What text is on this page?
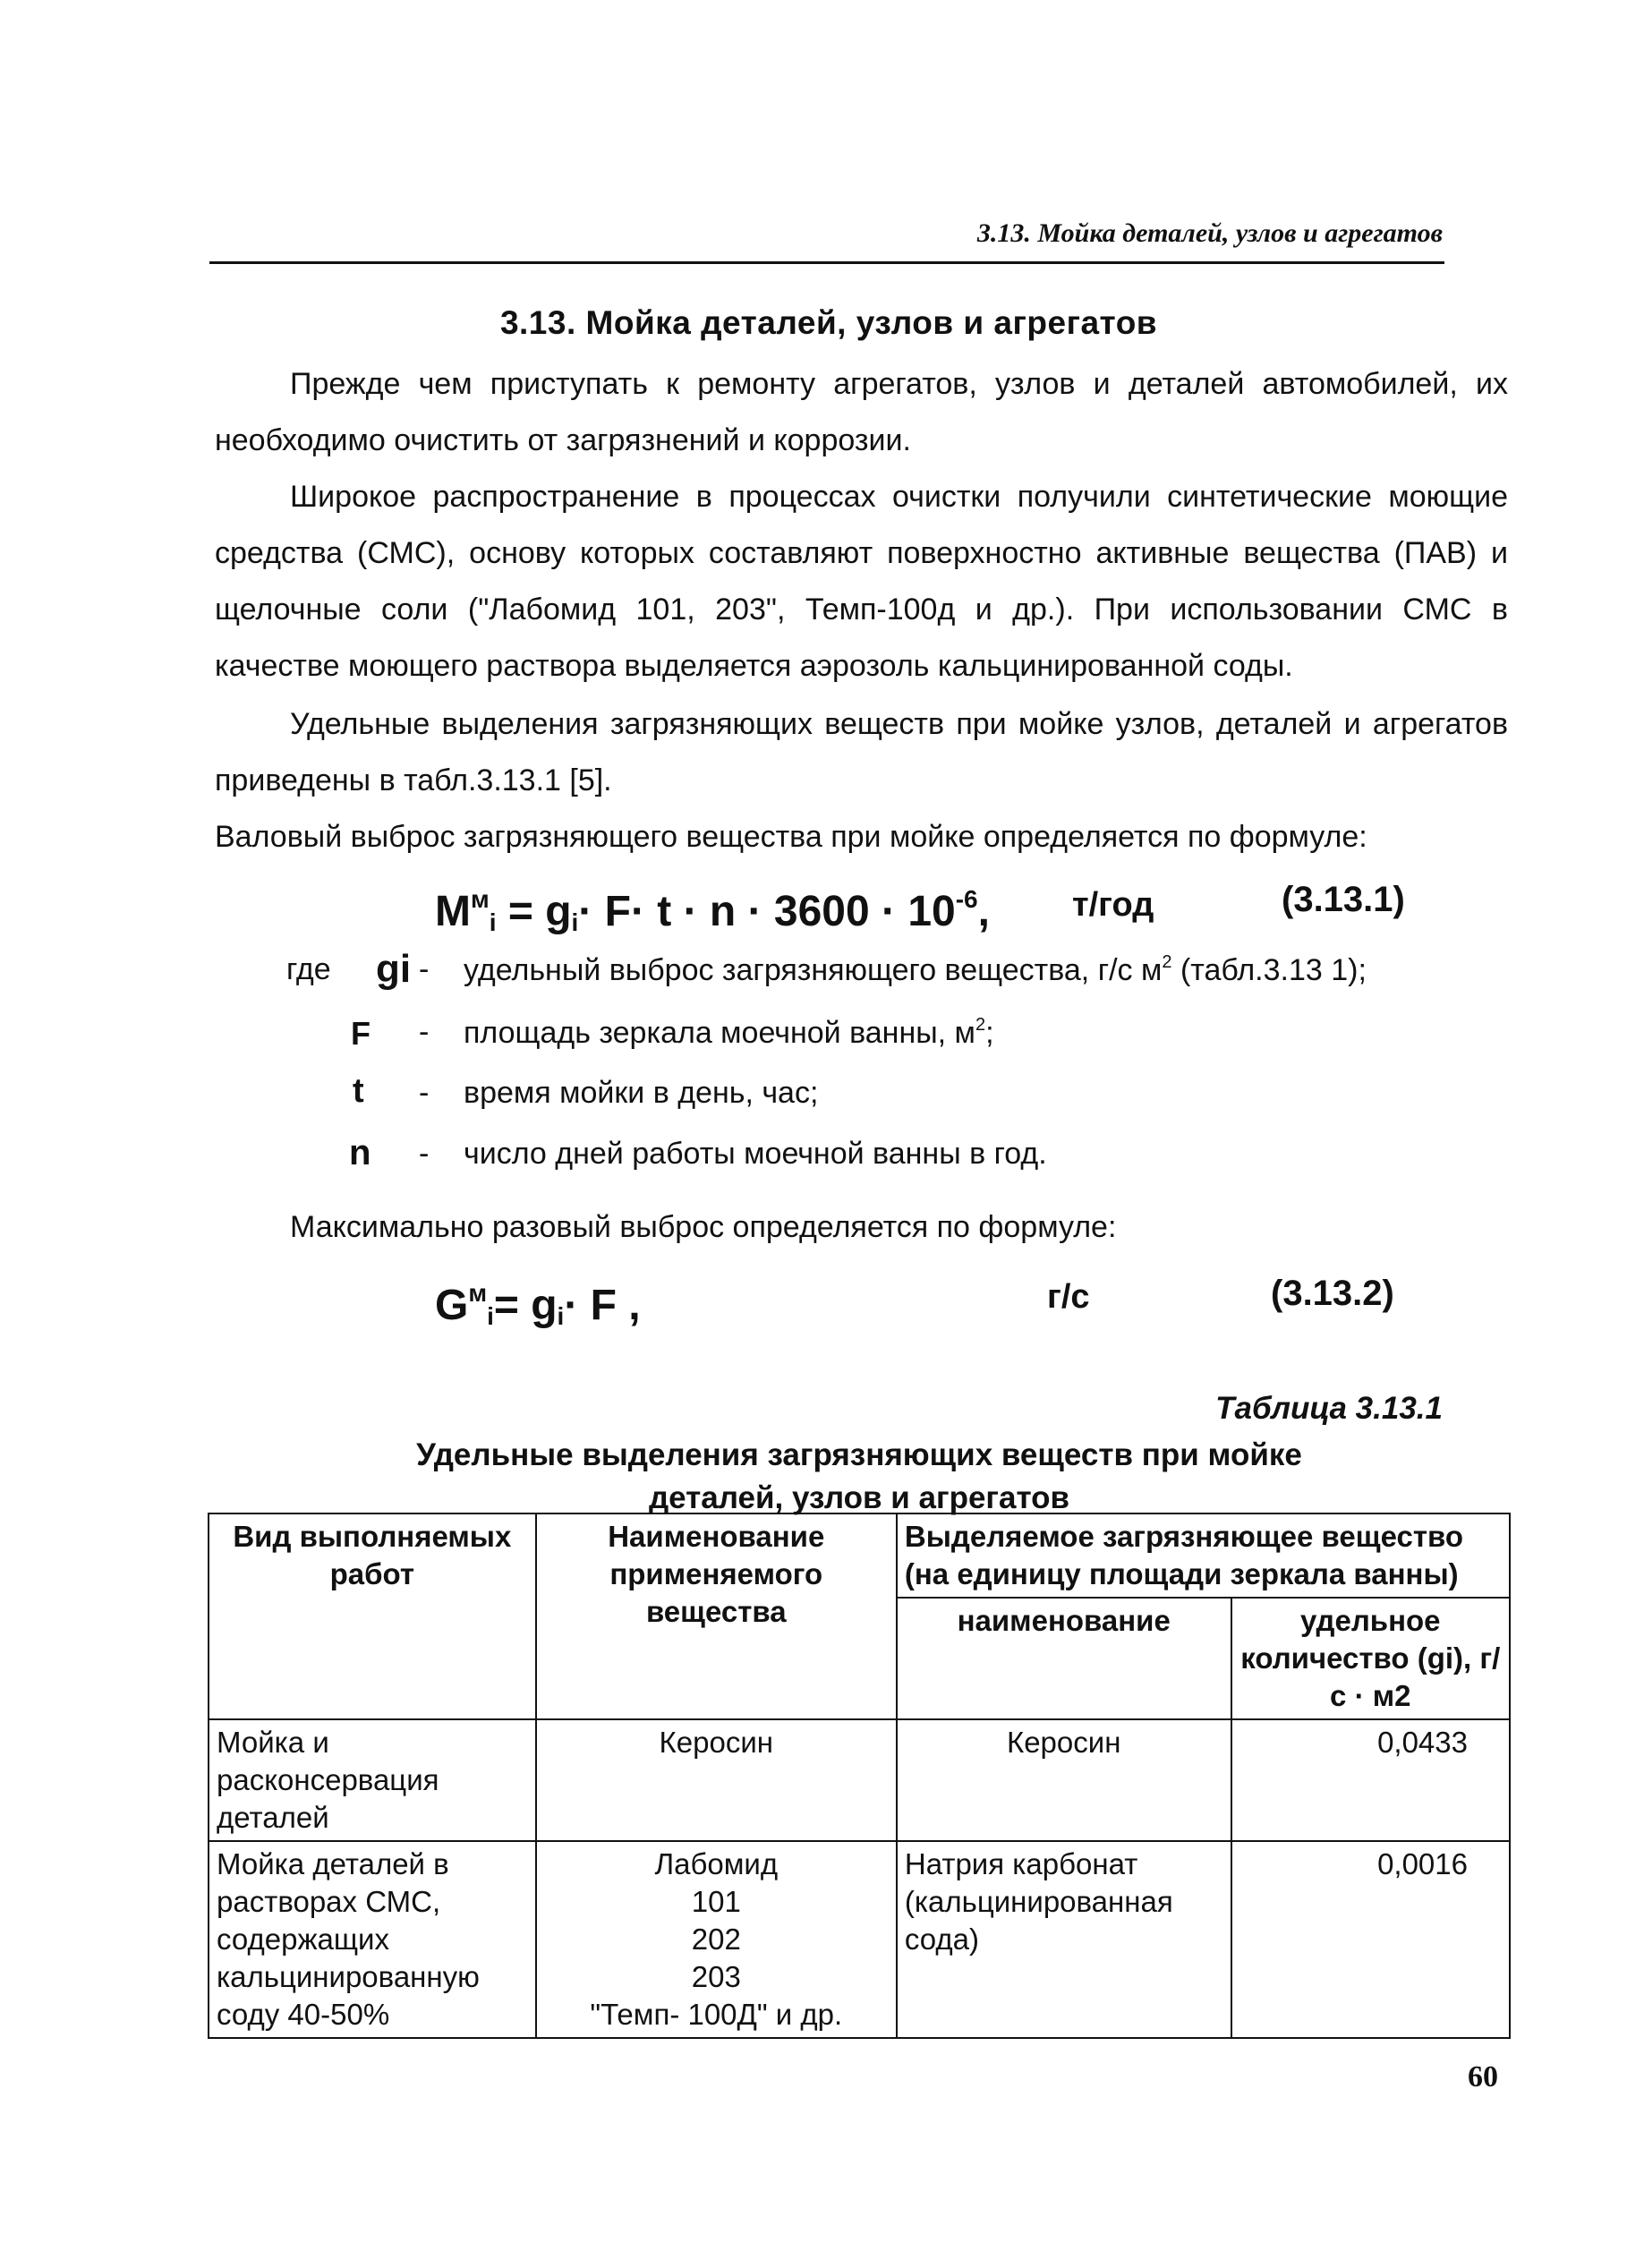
3.13. Мойка деталей, узлов и агрегатов
3.13. Мойка деталей, узлов и агрегатов

Прежде чем приступать к ремонту агрегатов, узлов и деталей автомобилей, их необходимо очистить от загрязнений и коррозии.

Широкое распространение в процессах очистки получили синтетические моющие средства (СМС), основу которых составляют поверхностно активные вещества (ПАВ) и щелочные соли ("Лабомид 101, 203", Темп-100д и др.). При использовании СМС в качестве моющего раствора выделяется аэрозоль кальцинированной соды.

Удельные выделения загрязняющих веществ при мойке узлов, деталей и агрегатов приведены в табл.3.13.1 [5].

Валовый выброс загрязняющего вещества при мойке определяется по формуле:

$M^м_i = g_i\cdot F\cdot t \cdot n \cdot 3600 \cdot 10^{-6}$, т/год	(3.13.1)
где gi - удельный выброс загрязняющего вещества, г/с $м^2$ (табл.3.13 1);
F - площадь зеркала моечной ванны, $м^2$;
t - время мойки в день, час;
n - число дней работы моечной ванны в год.

Максимально разовый выброс определяется по формуле:

$G^м_i= g_i\cdot F$ ,	г/с	(3.13.2)
Таблица 3.13.1
Удельные выделения загрязняющих веществ при мойке деталей, узлов и агрегатов
Вид выполняемых работ	Наименование применяемого вещества	Выделяемое загрязняющее вещество (на единицу площади зеркала ванны)	
		наименование	удельное количество (gi), г/с · м2
Мойка и расконсервация деталей	Керосин	Керосин	0,0433
Мойка деталей в растворах СМС, содержащих кальцинированную соду 40-50%	Лабомид
101
202
203
"Темп- 100Д" и др.	Натрия карбонат (кальцинированная сода)	0,0016
60
